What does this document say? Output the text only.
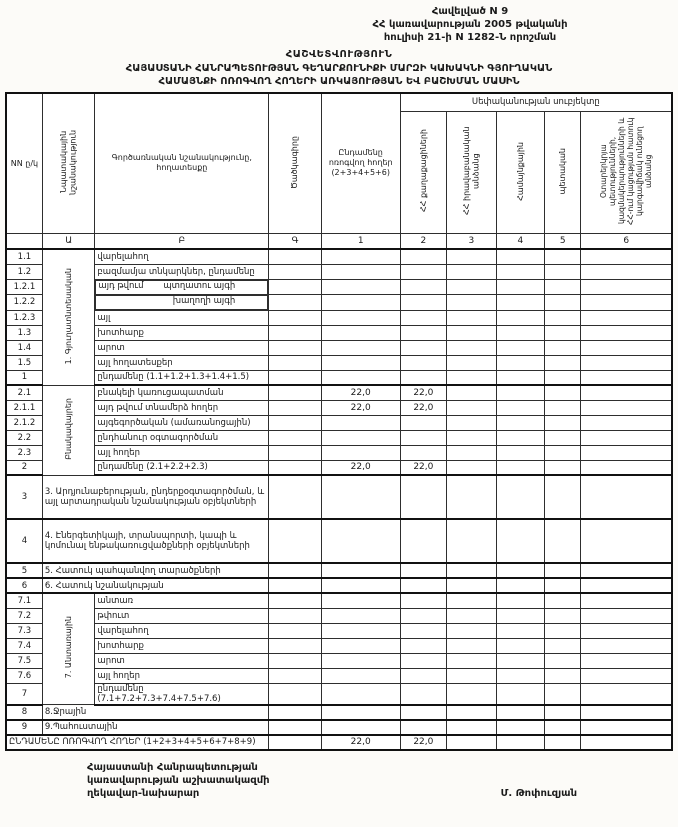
Հավելված N 9
ՀՀ կառավարության 2005 թվականի
հուլիսի 21-ի N 1282-Ն որոշման
ՀԱՇՎԵՏՎՈՒԹՅՈՒՆ
ՀԱՅԱՍՏԱՆԻ ՀԱՆՐԱՊԵՏՈՒԹՅԱՆ ԳԵՂԱՐՔՈՒՆԻՔԻ ՄԱՐԶԻ ԿԱԽԱԿՆԻ ԳՅՈՒՂԱԿԱՆ
ՀԱՄԱՅՆՔԻ ՈՌՈԳՎՈՂ ՀՈՂԵՐԻ ԱՌԿԱՅՈՒԹՅԱՆ ԵՎ ԲԱՇԽՄԱՆ ՄԱՍԻՆ
NN ը/կ	Նպատակային նշանակություն	Գործառնական նշանակությունը, հողատեսքը	Ծածկագիրը	Ընդամենը ոռոգվող հողեր (2+3+4+5+6)	Սեփականության սուբյեկտը				
					ՀՀ քաղաքացիների	ՀՀ իրավաբանական անձանց	Համայնքային	պետական	Օտարերկրյա պետությունների, կազմակերպությունների և ՀՀ-ում կացության հատուկ կարգավիճակ ունեցող անձանց
	Ա	Բ	Գ	1	2	3	4	5	6
1.1	1. Գյուղատնտեսական	վարելահող							
1.2		բազմամյա տնկարկներ, ընդամենը							
1.2.1		այդ թվում պտղատու այգի

1.2.2		խաղողի այգի

1.2.3		այլ							
1.3		խոտհարք							
1.4		արոտ							
1.5		այլ հողատեսքեր							
1		ընդամենը (1.1+1.2+1.3+1.4+1.5)							
2.1	Բնակավայրեր	բնակելի կառուցապատման		22,0	22,0				
2.1.1		այդ թվում տնամերձ հողեր		22,0	22,0				
2.1.2		այգեգործական (ամառանոցային)							
2.2		ընդհանուր օգտագործման							
2.3		այլ հողեր							
2		ընդամենը (2.1+2.2+2.3)		22,0	22,0				
3	3. Արդյունաբերության, ընդերքօգտագործման, և այլ արտադրական նշանակության օբյեկտների								
4	4. Էներգետիկայի, տրանսպորտի, կապի և կոմունալ ենթակառուցվածքների օբյեկտների								
5	5. Հատուկ պահպանվող տարածքների								
6	6. Հատուկ նշանակության								
7.1	7. Անտառային	անտառ							
7.2		թփուտ							
7.3		վարելահող							
7.4		խոտհարք							
7.5		արոտ							
7.6		այլ հողեր							
7		ընդամենը (7.1+7.2+7.3+7.4+7.5+7.6)							
8	8.Ջրային								
9	9.Պահուստային								
ԸՆԴԱՄԵՆԸ ՈՌՈԳՎՈՂ ՀՈՂԵՐ (1+2+3+4+5+6+7+8+9)				22,0	22,0				
Հայաստանի Հանրապետության
կառավարության աշխատակազմի
ղեկավար-նախարար	Մ. Թոփուզյան
